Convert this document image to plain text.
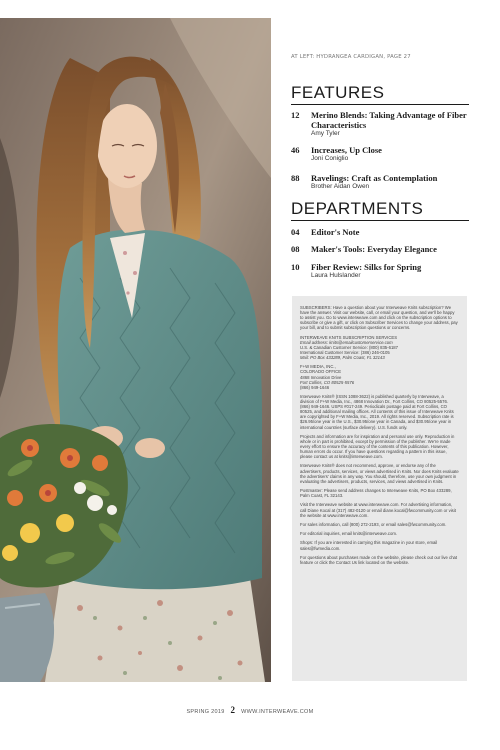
AT LEFT: HYDRANGEA CARDIGAN, PAGE 27
FEATURES
12 Merino Blends: Taking Advantage of Fiber Characteristics
Amy Tyler
46 Increases, Up Close
Joni Coniglio
88 Ravelings: Craft as Contemplation
Brother Aidan Owen
DEPARTMENTS
04 Editor's Note
08 Maker's Tools: Everyday Elegance
10 Fiber Review: Silks for Spring
Laura Hulslander

SUBSCRIBERS: Have a question about your Interweave Knits subscription? We have the answer. Visit our website, call, or email your question, and we'll be happy to assist you. Go to www.interweave.com and click on the subscription options to subscribe or give a gift, or click on Subscriber Services to change your address, pay your bill, and to submit subscription questions or concerns.

INTERWEAVE KNITS SUBSCRIPTION SERVICES
Email address: knits@emailcustomerservice.com
U.S. & Canadian Customer Service: (800) 835-6187
International Customer Service: (386) 246-0105
Mail: PO Box 433289, Palm Coast, FL 32143

F+W MEDIA, INC.,
COLORADO OFFICE
4868 Innovation Drive
Fort Collins, CO 80525-5576
(866) 949-1646

Interweave Knits® (ISSN 1088-3622) is published quarterly by Interweave, a division of F+W Media, Inc., 4868 Innovation Dr., Fort Collins, CO 80525-5576. (866) 949-1646. USPS #017-249. Periodicals postage paid at Fort Collins, CO 80525, and additional mailing offices. All contents of this issue of Interweave Knits are copyrighted by F+W Media, Inc., 2019. All rights reserved. Subscription rate is $26.95/one year in the U.S., $30.95/one year in Canada, and $30.95/one year in international countries (surface delivery). U.S. funds only.

Projects and information are for inspiration and personal use only. Reproduction in whole or in part is prohibited, except by permission of the publisher. We're made every effort to ensure the accuracy of the contents of this publication. However, human errors do occur. If you have questions regarding a pattern in this issue, please contact us at knits@interweave.com.

Interweave Knits® does not recommend, approve, or endorse any of the advertisers, products, services, or views advertised in Knits. Nor does Knits evaluate the advertisers' claims in any way. You should, therefore, use your own judgment in evaluating the advertisers, products, services, and views advertised in Knits.

Postmaster: Please send address changes to Interweave Knits, PO Box 433289, Palm Coast, FL 32143.

Visit the Interweave website at www.interweave.com. For advertising information, call Diane Kocal at (317) 482-0120 or email diane.kocal@fwcommunity.com or visit the website at www.interweave.com.

For sales information, call (800) 272-2193, or email sales@fwcommunity.com.

For editorial inquiries, email knits@interweave.com.

Shops: If you are interested in carrying this magazine in your store, email sales@fwmedia.com.

For questions about purchases made on the website, please check out our live chat feature or click the Contact Us link located on the website.

SPRING 2019 2 WWW.INTERWEAVE.COM
